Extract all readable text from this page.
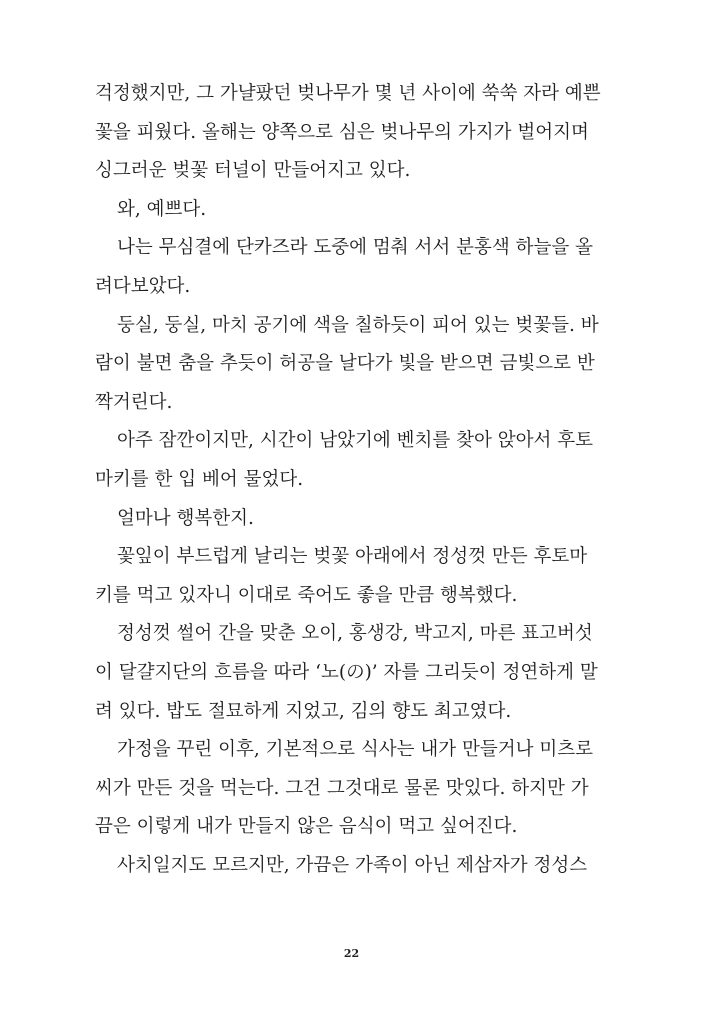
걱정했지만, 그 가냘팠던 벚나무가 몇 년 사이에 쑥쑥 자라 예쁜
꽃을 피웠다. 올해는 양쪽으로 심은 벚나무의 가지가 벌어지며
싱그러운 벚꽃 터널이 만들어지고 있다.
와, 예쁘다.
나는 무심결에 단카즈라 도중에 멈춰 서서 분홍색 하늘을 올
려다보았다.
둥실, 둥실, 마치 공기에 색을 칠하듯이 피어 있는 벚꽃들. 바
람이 불면 춤을 추듯이 허공을 날다가 빛을 받으면 금빛으로 반
짝거린다.
아주 잠깐이지만, 시간이 남았기에 벤치를 찾아 앉아서 후토
마키를 한 입 베어 물었다.
얼마나 행복한지.
꽃잎이 부드럽게 날리는 벚꽃 아래에서 정성껏 만든 후토마
키를 먹고 있자니 이대로 죽어도 좋을 만큼 행복했다.
정성껏 썰어 간을 맞춘 오이, 홍생강, 박고지, 마른 표고버섯
이 달걀지단의 흐름을 따라 ‘노(の)’ 자를 그리듯이 정연하게 말
려 있다. 밥도 절묘하게 지었고, 김의 향도 최고였다.
가정을 꾸린 이후, 기본적으로 식사는 내가 만들거나 미츠로
씨가 만든 것을 먹는다. 그건 그것대로 물론 맛있다. 하지만 가
끔은 이렇게 내가 만들지 않은 음식이 먹고 싶어진다.
사치일지도 모르지만, 가끔은 가족이 아닌 제삼자가 정성스
22
